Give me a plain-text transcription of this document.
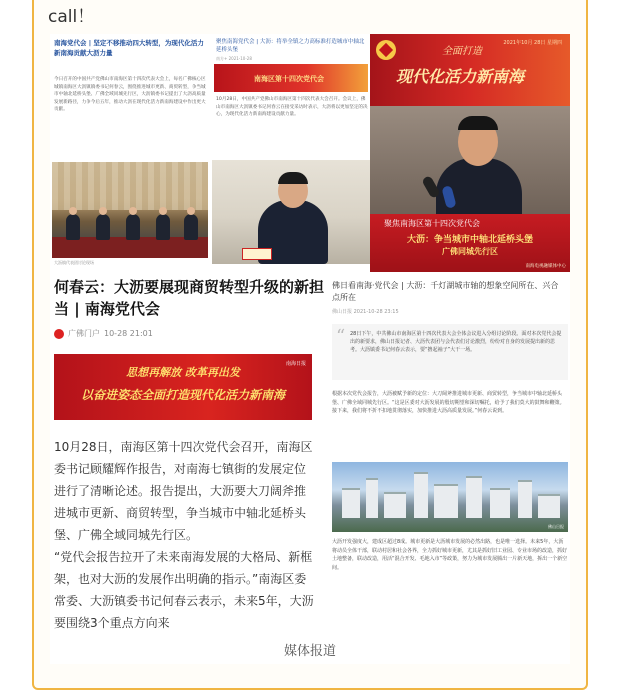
call！
南海党代会 | 坚定不移推动四大转型，为现代化活力新南海贡献大沥力量
今日召开的中国共产党佛山市南海区第十四次代表大会上，每名广佛核心区城镇南海区大沥镇镇委书记何春云，围绕推进城市更新、商贸转型，争当城市中轴北延桥头堡、广佛全域同城先行区，大沥镇委书记提出了大沥高质量发展新路径，力争今后五年，推动大沥在现代化活力新南海建设中作出更大贡献。
大沥镇代表团讨论现场
聚焦南海党代会 | 大沥：将举全镇之力高标准打造城市中轴北延桥头堡
南方+ 2021-10-28
南海区第十四次党代会
10月28日，中国共产党佛山市南海区第十四次代表大会召开。会议上，佛山市南海区大沥镇委书记何春云在接受采访时表示，大沥将以更加坚定的决心，为现代化活力新南海建设贡献力量。
全面打造
现代化活力新南海
2021年10月 28日 星期四
聚焦南海区第十四次党代会
大沥：争当城市中轴北延桥头堡
广佛同城先行区
南海电视融媒体中心
何春云：大沥要展现商贸转型升级的新担当 | 南海党代会
广佛门户 10-28 21:01
思想再解放 改革再出发
以奋进姿态全面打造现代化活力新南海
南海日报
10月28日，南海区第十四次党代会召开，南海区委书记顾耀辉作报告，对南海七镇街的发展定位进行了清晰论述。报告提出，大沥要大刀阔斧推进城市更新、商贸转型，争当城市中轴北延桥头堡、广佛全域同城先行区。
“党代会报告拉开了未来南海发展的大格局、新框架，也对大沥的发展作出明确的指示。”南海区委常委、大沥镇委书记何春云表示，未来5年，大沥要围绕3个重点方向来
佛日看南海·党代会 | 大沥：千灯湖城市轴的想象空间所在、兴合点所在
佛山日报 2021-10-28 23:15
“ 28日下午，中共佛山市南海区第十四次代表大会全体会议进入分组讨论阶段。面对本次党代会提出的新要求，佛山日报记者、大沥代表团与会代表们讨论激烈，纷纷对自身的发展提出新的思考。大沥镇委书记何春云表示，要“撸起袖子”大干一场。
根据本次党代会报告，大沥被赋予新的定位：大刀阔斧推进城市更新、商贸转型，争当城市中轴北延桥头堡、广佛全域同城先行区。“这是区委对大沥发展的殷切期望和深切嘱托，给予了我们莫大的鼓舞和鞭策。接下来，我们将不折不扣地贯彻落实，加快推进大沥高质量发展。”何春云说到。
佛山日报
大沥开发强度大，建成区超过8成。城市更新是大沥城市发展的必然出路，也是唯一选择。未来5年，大沥将动员全体干部，联动村居和社会各界，全力抓好城市更新，尤其是抓好旧工业园、专业市场的改造，抓好土地整备，联动改造，用活“混合开发、毛地入市”等政策，努力为城市发展腾出一片新天地，拆出一个新空间。
媒体报道
